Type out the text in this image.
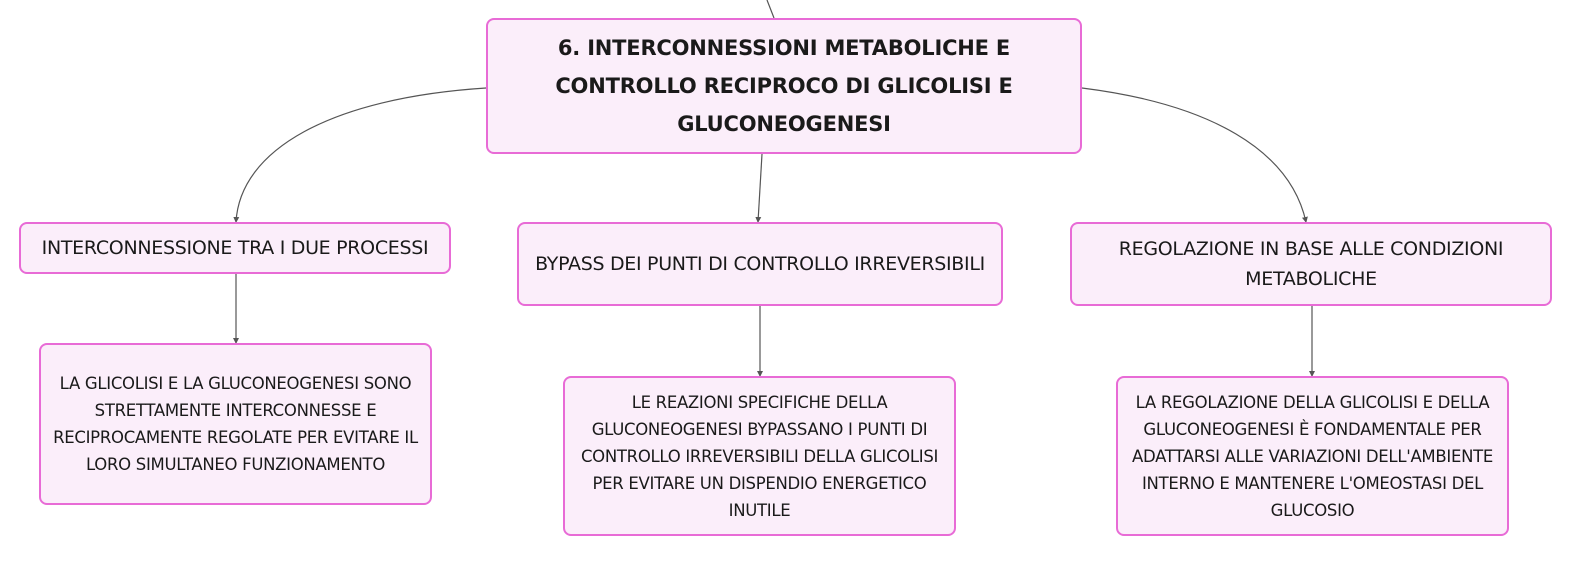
6. INTERCONNESSIONI METABOLICHE E CONTROLLO RECIPROCO DI GLICOLISI E GLUCONEOGENESI
INTERCONNESSIONE TRA I DUE PROCESSI
BYPASS DEI PUNTI DI CONTROLLO IRREVERSIBILI
REGOLAZIONE IN BASE ALLE CONDIZIONI METABOLICHE
LA GLICOLISI E LA GLUCONEOGENESI SONO STRETTAMENTE INTERCONNESSE E RECIPROCAMENTE REGOLATE PER EVITARE IL LORO SIMULTANEO FUNZIONAMENTO
LE REAZIONI SPECIFICHE DELLA GLUCONEOGENESI BYPASSANO I PUNTI DI CONTROLLO IRREVERSIBILI DELLA GLICOLISI PER EVITARE UN DISPENDIO ENERGETICO INUTILE
LA REGOLAZIONE DELLA GLICOLISI E DELLA GLUCONEOGENESI È FONDAMENTALE PER ADATTARSI ALLE VARIAZIONI DELL'AMBIENTE INTERNO E MANTENERE L'OMEOSTASI DEL GLUCOSIO
